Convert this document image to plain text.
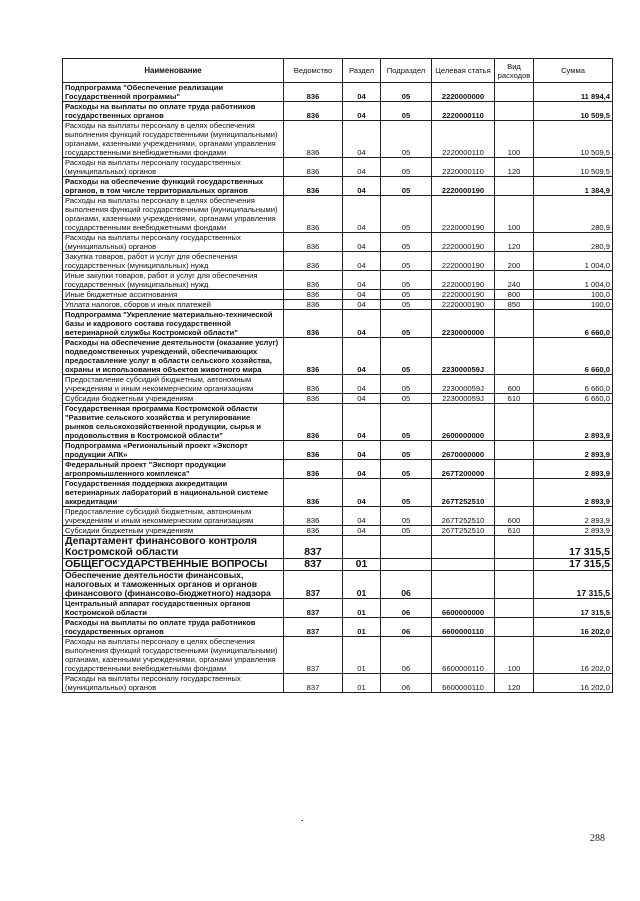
Наименование	Ведомство	Раздел	Подраздел	Целевая статья	Вид расходов	Сумма
Подпрограмма "Обеспечение реализации Государственной программы"	836	04	05	2220000000		11 894,4
Расходы на выплаты по оплате труда работников государственных органов	836	04	05	2220000110		10 509,5
Расходы на выплаты персоналу в целях обеспечения выполнения функций государственными (муниципальными) органами, казенными учреждениями, органами управления государственными внебюджетными фондами	836	04	05	2220000110	100	10 509,5
Расходы на выплаты персоналу государственных (муниципальных) органов	836	04	05	2220000110	120	10 509,5
Расходы на обеспечение функций государственных органов, в том числе территориальных органов	836	04	05	2220000190		1 384,9
Расходы на выплаты персоналу в целях обеспечения выполнения функций государственными (муниципальными) органами, казенными учреждениями, органами управления государственными внебюджетными фондами	836	04	05	2220000190	100	280,9
Расходы на выплаты персоналу государственных (муниципальных) органов	836	04	05	2220000190	120	280,9
Закупка товаров, работ и услуг для обеспечения государственных (муниципальных) нужд	836	04	05	2220000190	200	1 004,0
Иные закупки товаров, работ и услуг для обеспечения государственных (муниципальных) нужд	836	04	05	2220000190	240	1 004,0
Иные бюджетные ассигнования	836	04	05	2220000190	800	100,0
Уплата налогов, сборов и иных платежей	836	04	05	2220000190	850	100,0
Подпрограмма "Укрепление материально-технической базы и кадрового состава государственной ветеринарной службы Костромской области"	836	04	05	2230000000		6 660,0
Расходы на обеспечение деятельности (оказание услуг) подведомственных учреждений, обеспечивающих предоставление услуг в области сельского хозяйства, охраны и использования объектов животного мира	836	04	05	223000059J		6 660,0
Предоставление субсидий бюджетным, автономным учреждениям и иным некоммерческим организациям	836	04	05	223000059J	600	6 660,0
Субсидии бюджетным учреждениям	836	04	05	223000059J	610	6 660,0
Государственная программа Костромской области "Развитие сельского хозяйства и регулирование рынков сельскохозяйственной продукции, сырья и продовольствия в Костромской области"	836	04	05	2600000000		2 893,9
Подпрограмма «Региональный проект «Экспорт продукции АПК»	836	04	05	2670000000		2 893,9
Федеральный проект "Экспорт продукции агропромышленного комплекса"	836	04	05	267T200000		2 893,9
Государственная поддержка аккредитации ветеринарных лабораторий в национальной системе аккредитации	836	04	05	267T252510		2 893,9
Предоставление субсидий бюджетным, автономным учреждениям и иным некоммерческим организациям	836	04	05	267T252510	600	2 893,9
Субсидии бюджетным учреждениям	836	04	05	267T252510	610	2 893,9
Департамент финансового контроля Костромской области	837					17 315,5
ОБЩЕГОСУДАРСТВЕННЫЕ ВОПРОСЫ	837	01				17 315,5
Обеспечение деятельности финансовых, налоговых и таможенных органов и органов финансового (финансово-бюджетного) надзора	837	01	06			17 315,5
Центральный аппарат государственных органов Костромской области	837	01	06	6600000000		17 315,5
Расходы на выплаты по оплате труда работников государственных органов	837	01	06	6600000110		16 202,0
Расходы на выплаты персоналу в целях обеспечения выполнения функций государственными (муниципальными) органами, казенными учреждениями, органами управления государственными внебюджетными фондами	837	01	06	6600000110	100	16 202,0
Расходы на выплаты персоналу государственных (муниципальных) органов	837	01	06	6600000110	120	16 202,0
288
